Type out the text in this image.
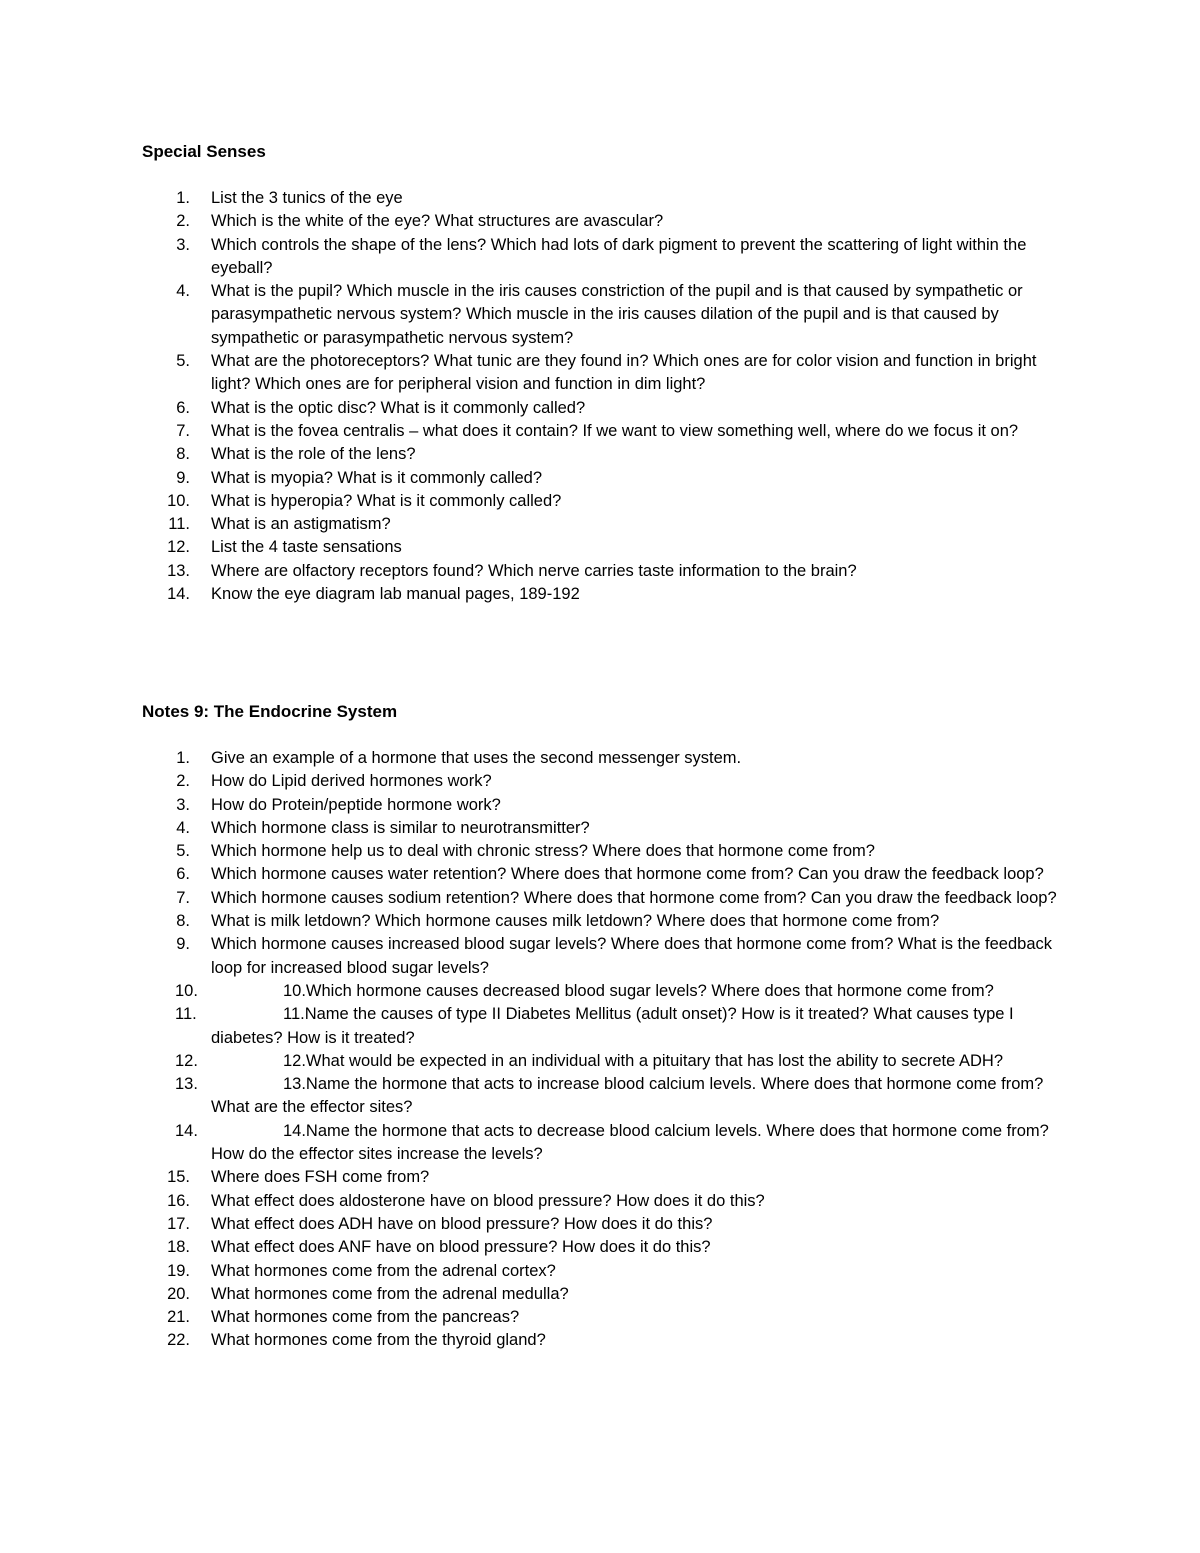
Special Senses
1. List the 3 tunics of the eye
2. Which is the white of the eye? What structures are avascular?
3. Which controls the shape of the lens? Which had lots of dark pigment to prevent the scattering of light within the eyeball?
4. What is the pupil? Which muscle in the iris causes constriction of the pupil and is that caused by sympathetic or parasympathetic nervous system? Which muscle in the iris causes dilation of the pupil and is that caused by sympathetic or parasympathetic nervous system?
5. What are the photoreceptors? What tunic are they found in? Which ones are for color vision and function in bright light? Which ones are for peripheral vision and function in dim light?
6. What is the optic disc? What is it commonly called?
7. What is the fovea centralis – what does it contain? If we want to view something well, where do we focus it on?
8. What is the role of the lens?
9. What is myopia? What is it commonly called?
10. What is hyperopia? What is it commonly called?
11. What is an astigmatism?
12. List the 4 taste sensations
13. Where are olfactory receptors found? Which nerve carries taste information to the brain?
14. Know the eye diagram lab manual pages, 189-192
Notes 9: The Endocrine System
1. Give an example of a hormone that uses the second messenger system.
2. How do Lipid derived hormones work?
3. How do Protein/peptide hormone work?
4. Which hormone class is similar to neurotransmitter?
5. Which hormone help us to deal with chronic stress? Where does that hormone come from?
6. Which hormone causes water retention? Where does that hormone come from? Can you draw the feedback loop?
7. Which hormone causes sodium retention? Where does that hormone come from? Can you draw the feedback loop?
8. What is milk letdown? Which hormone causes milk letdown? Where does that hormone come from?
9. Which hormone causes increased blood sugar levels? Where does that hormone come from? What is the feedback loop for increased blood sugar levels?
10.	10.Which hormone causes decreased blood sugar levels? Where does that hormone come from?
11.	11.Name the causes of type II Diabetes Mellitus (adult onset)? How is it treated? What causes type I diabetes? How is it treated?
12.	12.What would be expected in an individual with a pituitary that has lost the ability to secrete ADH?
13.	13.Name the hormone that acts to increase blood calcium levels. Where does that hormone come from? What are the effector sites?
14.	14.Name the hormone that acts to decrease blood calcium levels. Where does that hormone come from? How do the effector sites increase the levels?
15. Where does FSH come from?
16. What effect does aldosterone have on blood pressure? How does it do this?
17. What effect does ADH have on blood pressure? How does it do this?
18. What effect does ANF have on blood pressure? How does it do this?
19. What hormones come from the adrenal cortex?
20. What hormones come from the adrenal medulla?
21. What hormones come from the pancreas?
22. What hormones come from the thyroid gland?
